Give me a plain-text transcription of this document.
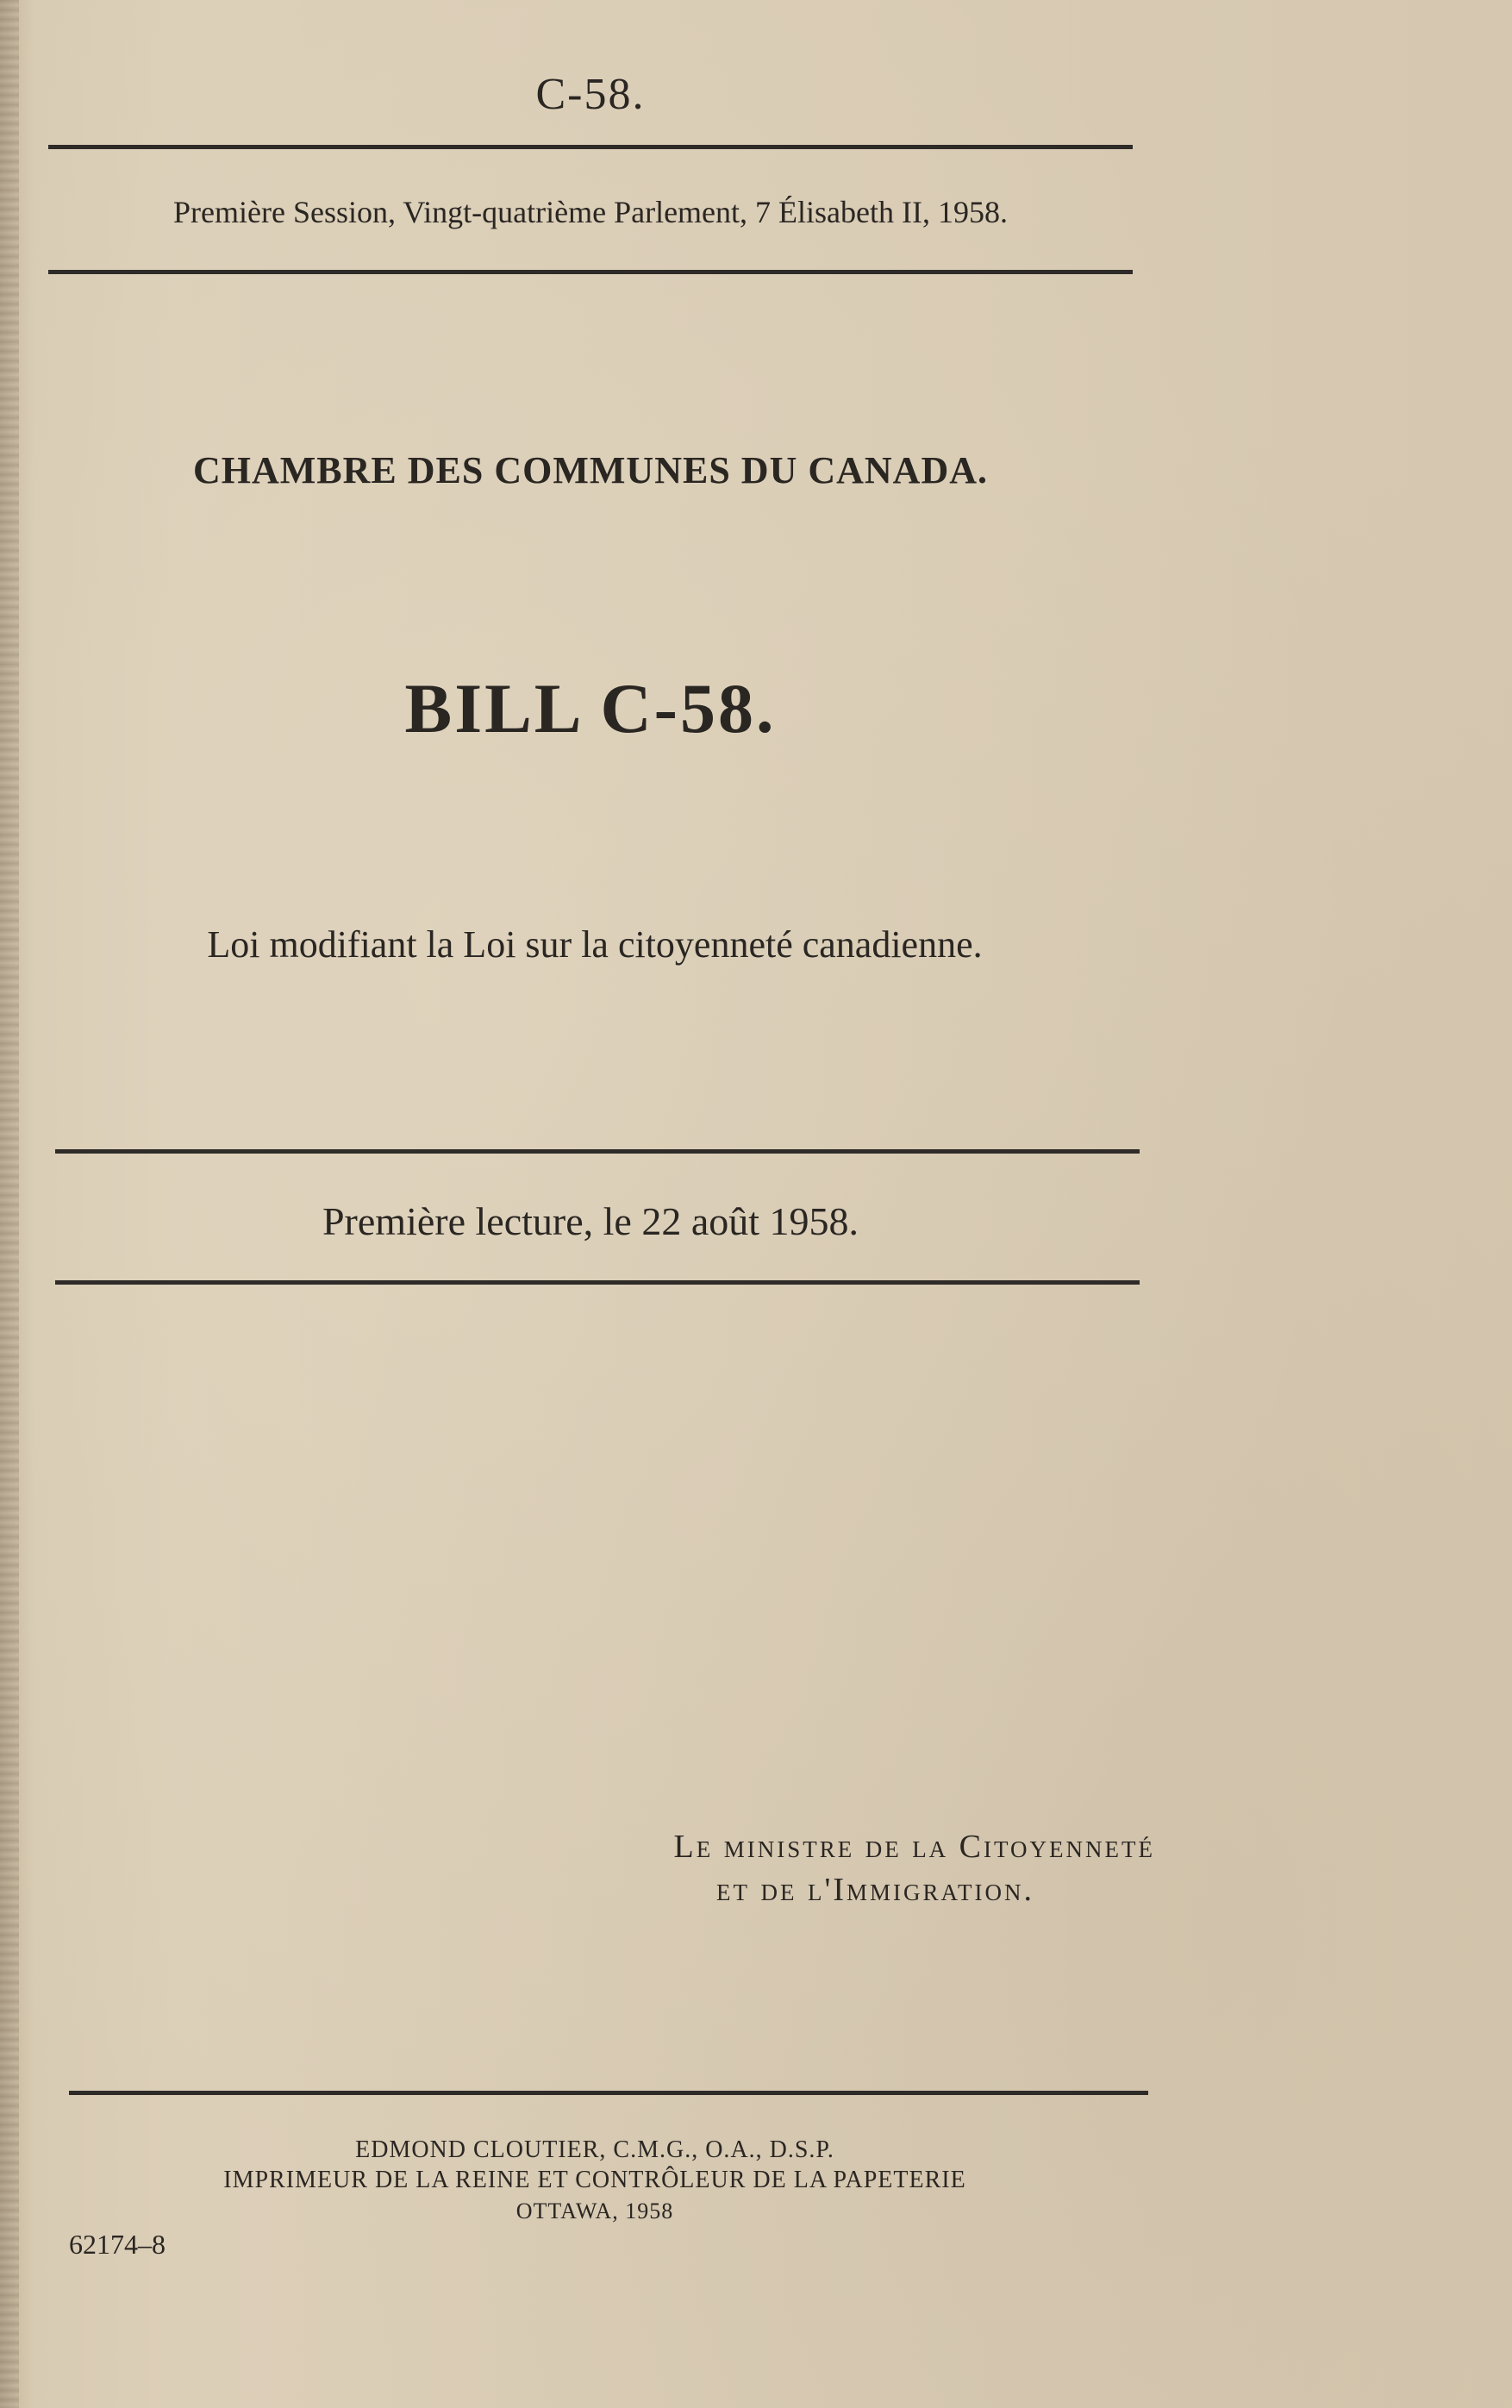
C-58.
Première Session, Vingt-quatrième Parlement, 7 Élisabeth II, 1958.
CHAMBRE DES COMMUNES DU CANADA.
BILL C-58.
Loi modifiant la Loi sur la citoyenneté canadienne.
Première lecture, le 22 août 1958.
Le ministre de la Citoyenneté
et de l'Immigration.
EDMOND CLOUTIER, C.M.G., O.A., D.S.P.
IMPRIMEUR DE LA REINE ET CONTRÔLEUR DE LA PAPETERIE
OTTAWA, 1958
62174–8
